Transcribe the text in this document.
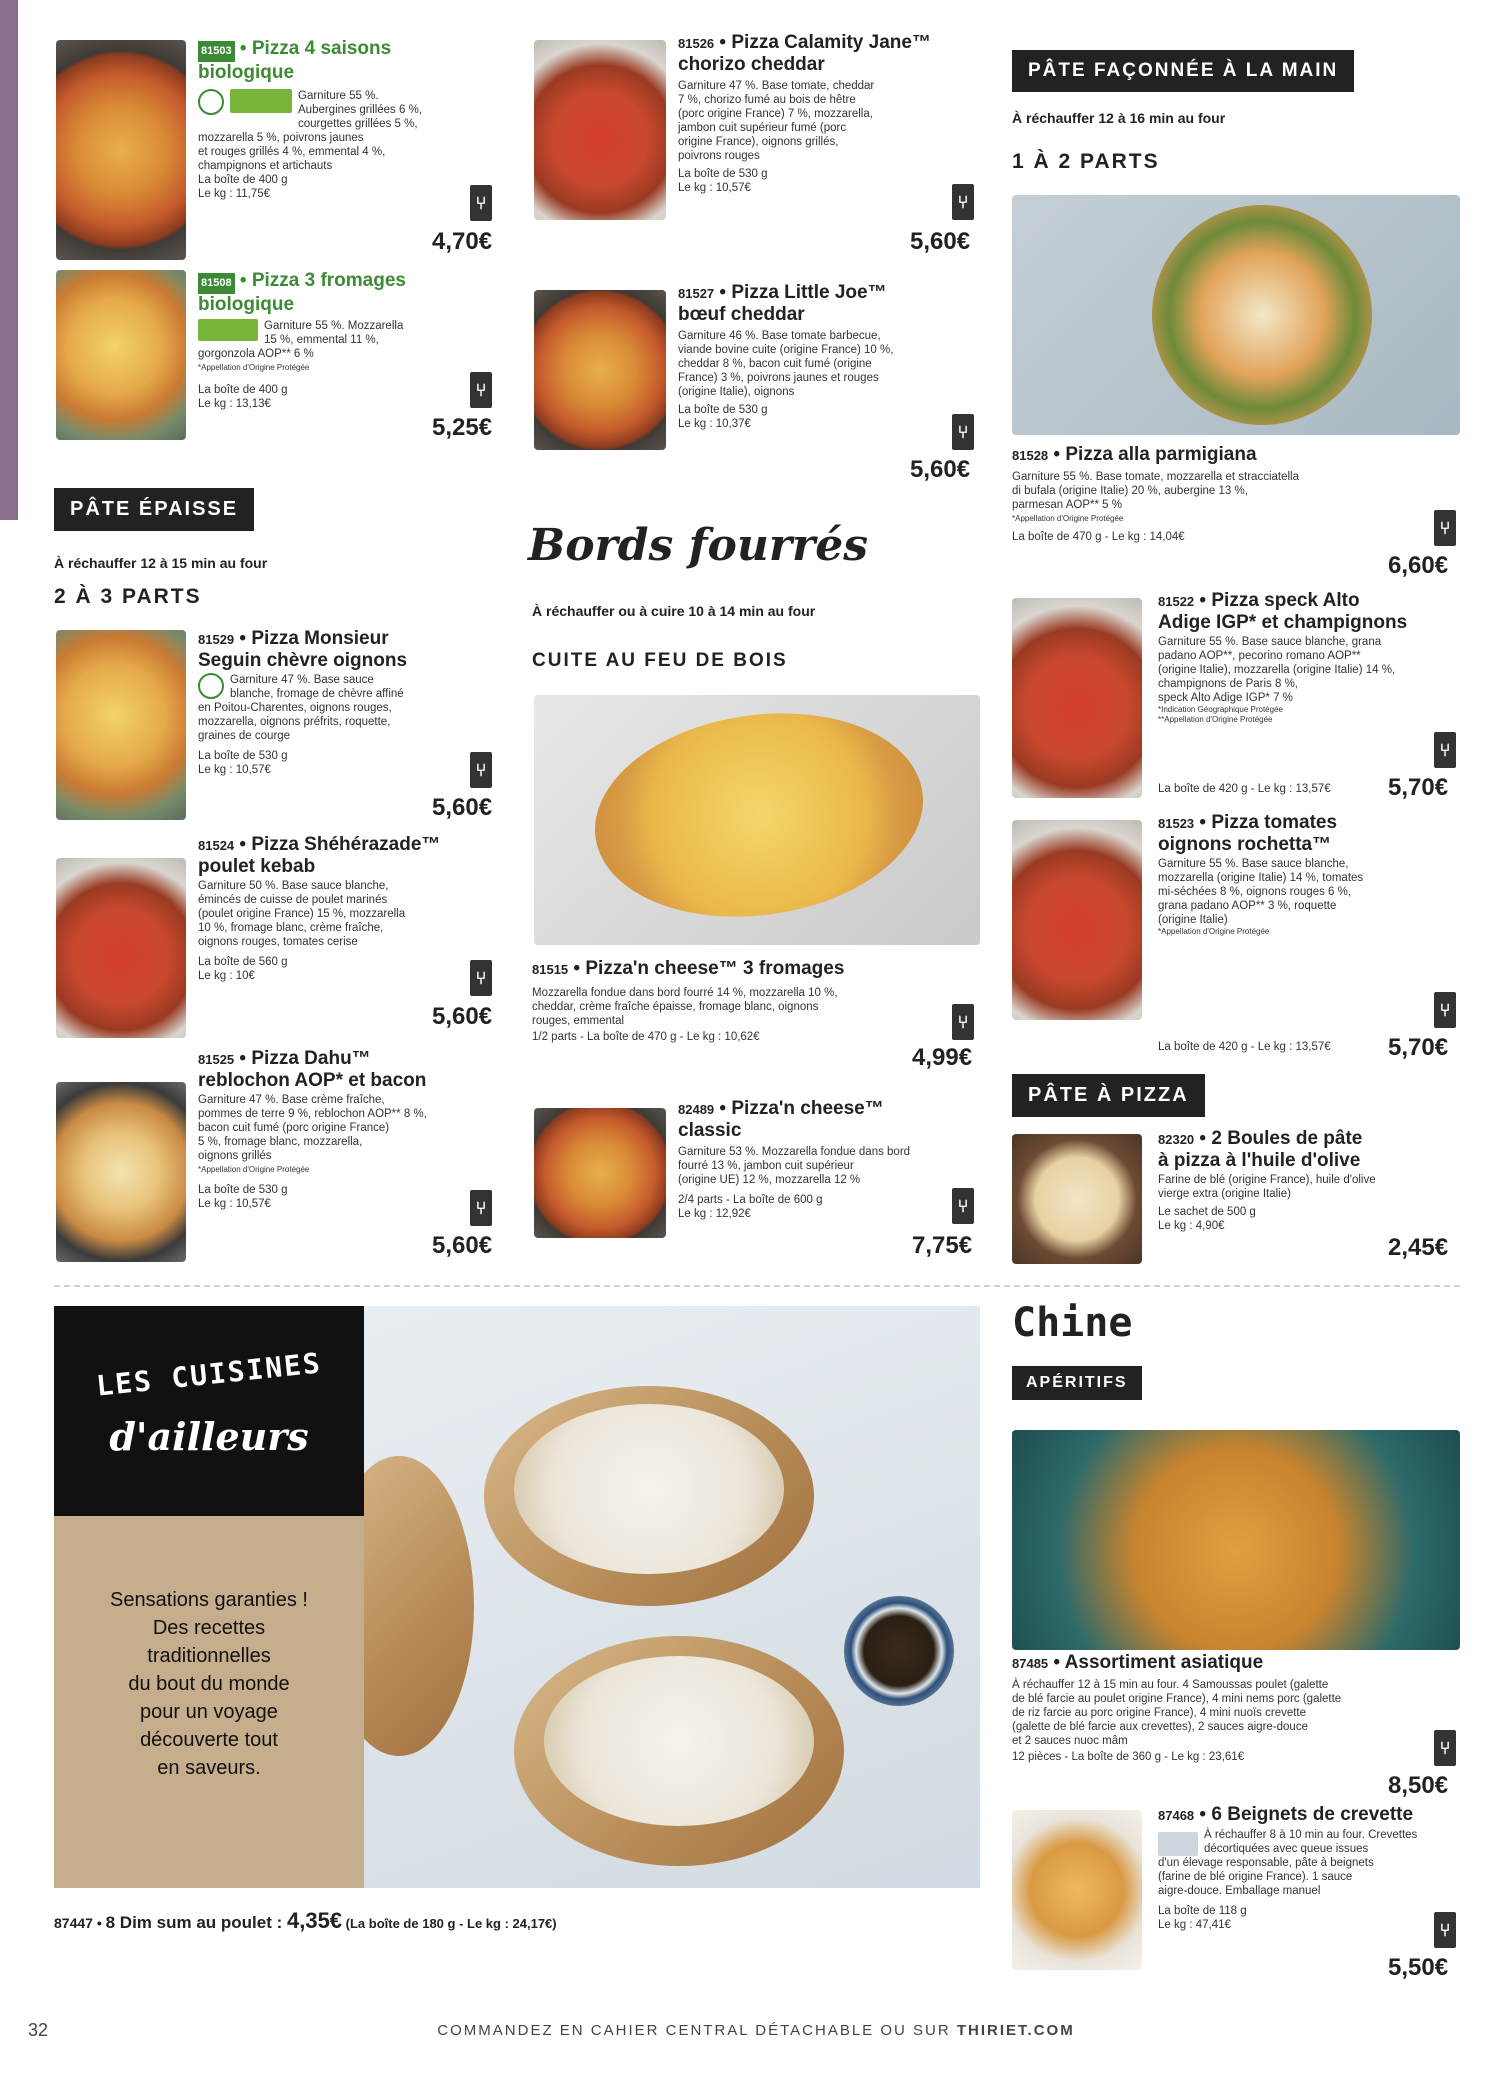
81503 • Pizza 4 saisons
biologique
Garniture 55 %.
Aubergines grillées 6 %,
courgettes grillées 5 %,
mozzarella 5 %, poivrons jaunes
et rouges grillés 4 %, emmental 4 %,
champignons et artichauts
La boîte de 400 g
Le kg : 11,75€	⑂
4,70€
81508 • Pizza 3 fromages
biologique
Garniture 55 %. Mozzarella
15 %, emmental 11 %,
gorgonzola AOP** 6 %
*Appellation d'Origine Protégée
La boîte de 400 g
Le kg : 13,13€
⑂
5,25€
PÂTE ÉPAISSE
À réchauffer 12 à 15 min au four
2 À 3 PARTS
81529 • Pizza Monsieur
Seguin chèvre oignons
Garniture 47 %. Base sauce
blanche, fromage de chèvre affiné
en Poitou-Charentes, oignons rouges,
mozzarella, oignons préfrits, roquette,
graines de courge
La boîte de 530 g
Le kg : 10,57€	⑂
5,60€
81524 • Pizza Shéhérazade™
poulet kebab
Garniture 50 %. Base sauce blanche,
émincés de cuisse de poulet marinés
(poulet origine France) 15 %, mozzarella
10 %, fromage blanc, crème fraîche,
oignons rouges, tomates cerise
La boîte de 560 g
Le kg : 10€	⑂
5,60€
81525 • Pizza Dahu™
reblochon AOP* et bacon
Garniture 47 %. Base crème fraîche,
pommes de terre 9 %, reblochon AOP** 8 %,
bacon cuit fumé (porc origine France)
5 %, fromage blanc, mozzarella,
oignons grillés
*Appellation d'Origine Protégée
La boîte de 530 g
Le kg : 10,57€	⑂
5,60€
81526 • Pizza Calamity Jane™
chorizo cheddar
Garniture 47 %. Base tomate, cheddar
7 %, chorizo fumé au bois de hêtre
(porc origine France) 7 %, mozzarella,
jambon cuit supérieur fumé (porc
origine France), oignons grillés,
poivrons rouges
La boîte de 530 g
Le kg : 10,57€
⑂
5,60€
81527 • Pizza Little Joe™
bœuf cheddar
Garniture 46 %. Base tomate barbecue,
viande bovine cuite (origine France) 10 %,
cheddar 8 %, bacon cuit fumé (origine
France) 3 %, poivrons jaunes et rouges
(origine Italie), oignons
La boîte de 530 g
Le kg : 10,37€	⑂
5,60€
Bords fourrés
À réchauffer ou à cuire 10 à 14 min au four
CUITE AU FEU DE BOIS
81515 • Pizza'n cheese™ 3 fromages
Mozzarella fondue dans bord fourré 14 %, mozzarella 10 %,
cheddar, crème fraîche épaisse, fromage blanc, oignons
rouges, emmental
1/2 parts - La boîte de 470 g - Le kg : 10,62€
⑂
4,99€
82489 • Pizza'n cheese™
classic
Garniture 53 %. Mozzarella fondue dans bord
fourré 13 %, jambon cuit supérieur
(origine UE) 12 %, mozzarella 12 %
2/4 parts - La boîte de 600 g
Le kg : 12,92€	⑂
7,75€
PÂTE FAÇONNÉE À LA MAIN
À réchauffer 12 à 16 min au four
1 À 2 PARTS
81528 • Pizza alla parmigiana
Garniture 55 %. Base tomate, mozzarella et stracciatella
di bufala (origine Italie) 20 %, aubergine 13 %,
parmesan AOP** 5 %
*Appellation d'Origine Protégée
La boîte de 470 g - Le kg : 14,04€	⑂
6,60€
81522 • Pizza speck Alto
Adige IGP* et champignons
Garniture 55 %. Base sauce blanche, grana
padano AOP**, pecorino romano AOP**
(origine Italie), mozzarella (origine Italie) 14 %,
champignons de Paris 8 %,
speck Alto Adige IGP* 7 %
*Indication Géographique Protégée
**Appellation d'Origine Protégée
La boîte de 420 g - Le kg : 13,57€
⑂
5,70€
81523 • Pizza tomates
oignons rochetta™
Garniture 55 %. Base sauce blanche,
mozzarella (origine Italie) 14 %, tomates
mi-séchées 8 %, oignons rouges 6 %,
grana padano AOP** 3 %, roquette
(origine Italie)
*Appellation d'Origine Protégée
La boîte de 420 g - Le kg : 13,57€
⑂
5,70€
PÂTE À PIZZA
82320 • 2 Boules de pâte
à pizza à l'huile d'olive
Farine de blé (origine France), huile d'olive
vierge extra (origine Italie)
Le sachet de 500 g
Le kg : 4,90€
2,45€
LES CUISINES
d'ailleurs
Sensations garanties !
Des recettes
traditionnelles
du bout du monde
pour un voyage
découverte tout
en saveurs.
87447 • 8 Dim sum au poulet : 4,35€ (La boîte de 180 g - Le kg : 24,17€)
Chine
APÉRITIFS
87485 • Assortiment asiatique
À réchauffer 12 à 15 min au four. 4 Samoussas poulet (galette
de blé farcie au poulet origine France), 4 mini nems porc (galette
de riz farcie au porc origine France), 4 mini nuoïs crevette
(galette de blé farcie aux crevettes), 2 sauces aigre-douce
et 2 sauces nuoc mâm
12 pièces - La boîte de 360 g - Le kg : 23,61€	⑂
8,50€
87468 • 6 Beignets de crevette
À réchauffer 8 à 10 min au four. Crevettes
décortiquées avec queue issues
d'un élevage responsable, pâte à beignets
(farine de blé origine France). 1 sauce
aigre-douce. Emballage manuel
La boîte de 118 g
Le kg : 47,41€	⑂
5,50€
32	COMMANDEZ EN CAHIER CENTRAL DÉTACHABLE OU SUR THIRIET.COM
